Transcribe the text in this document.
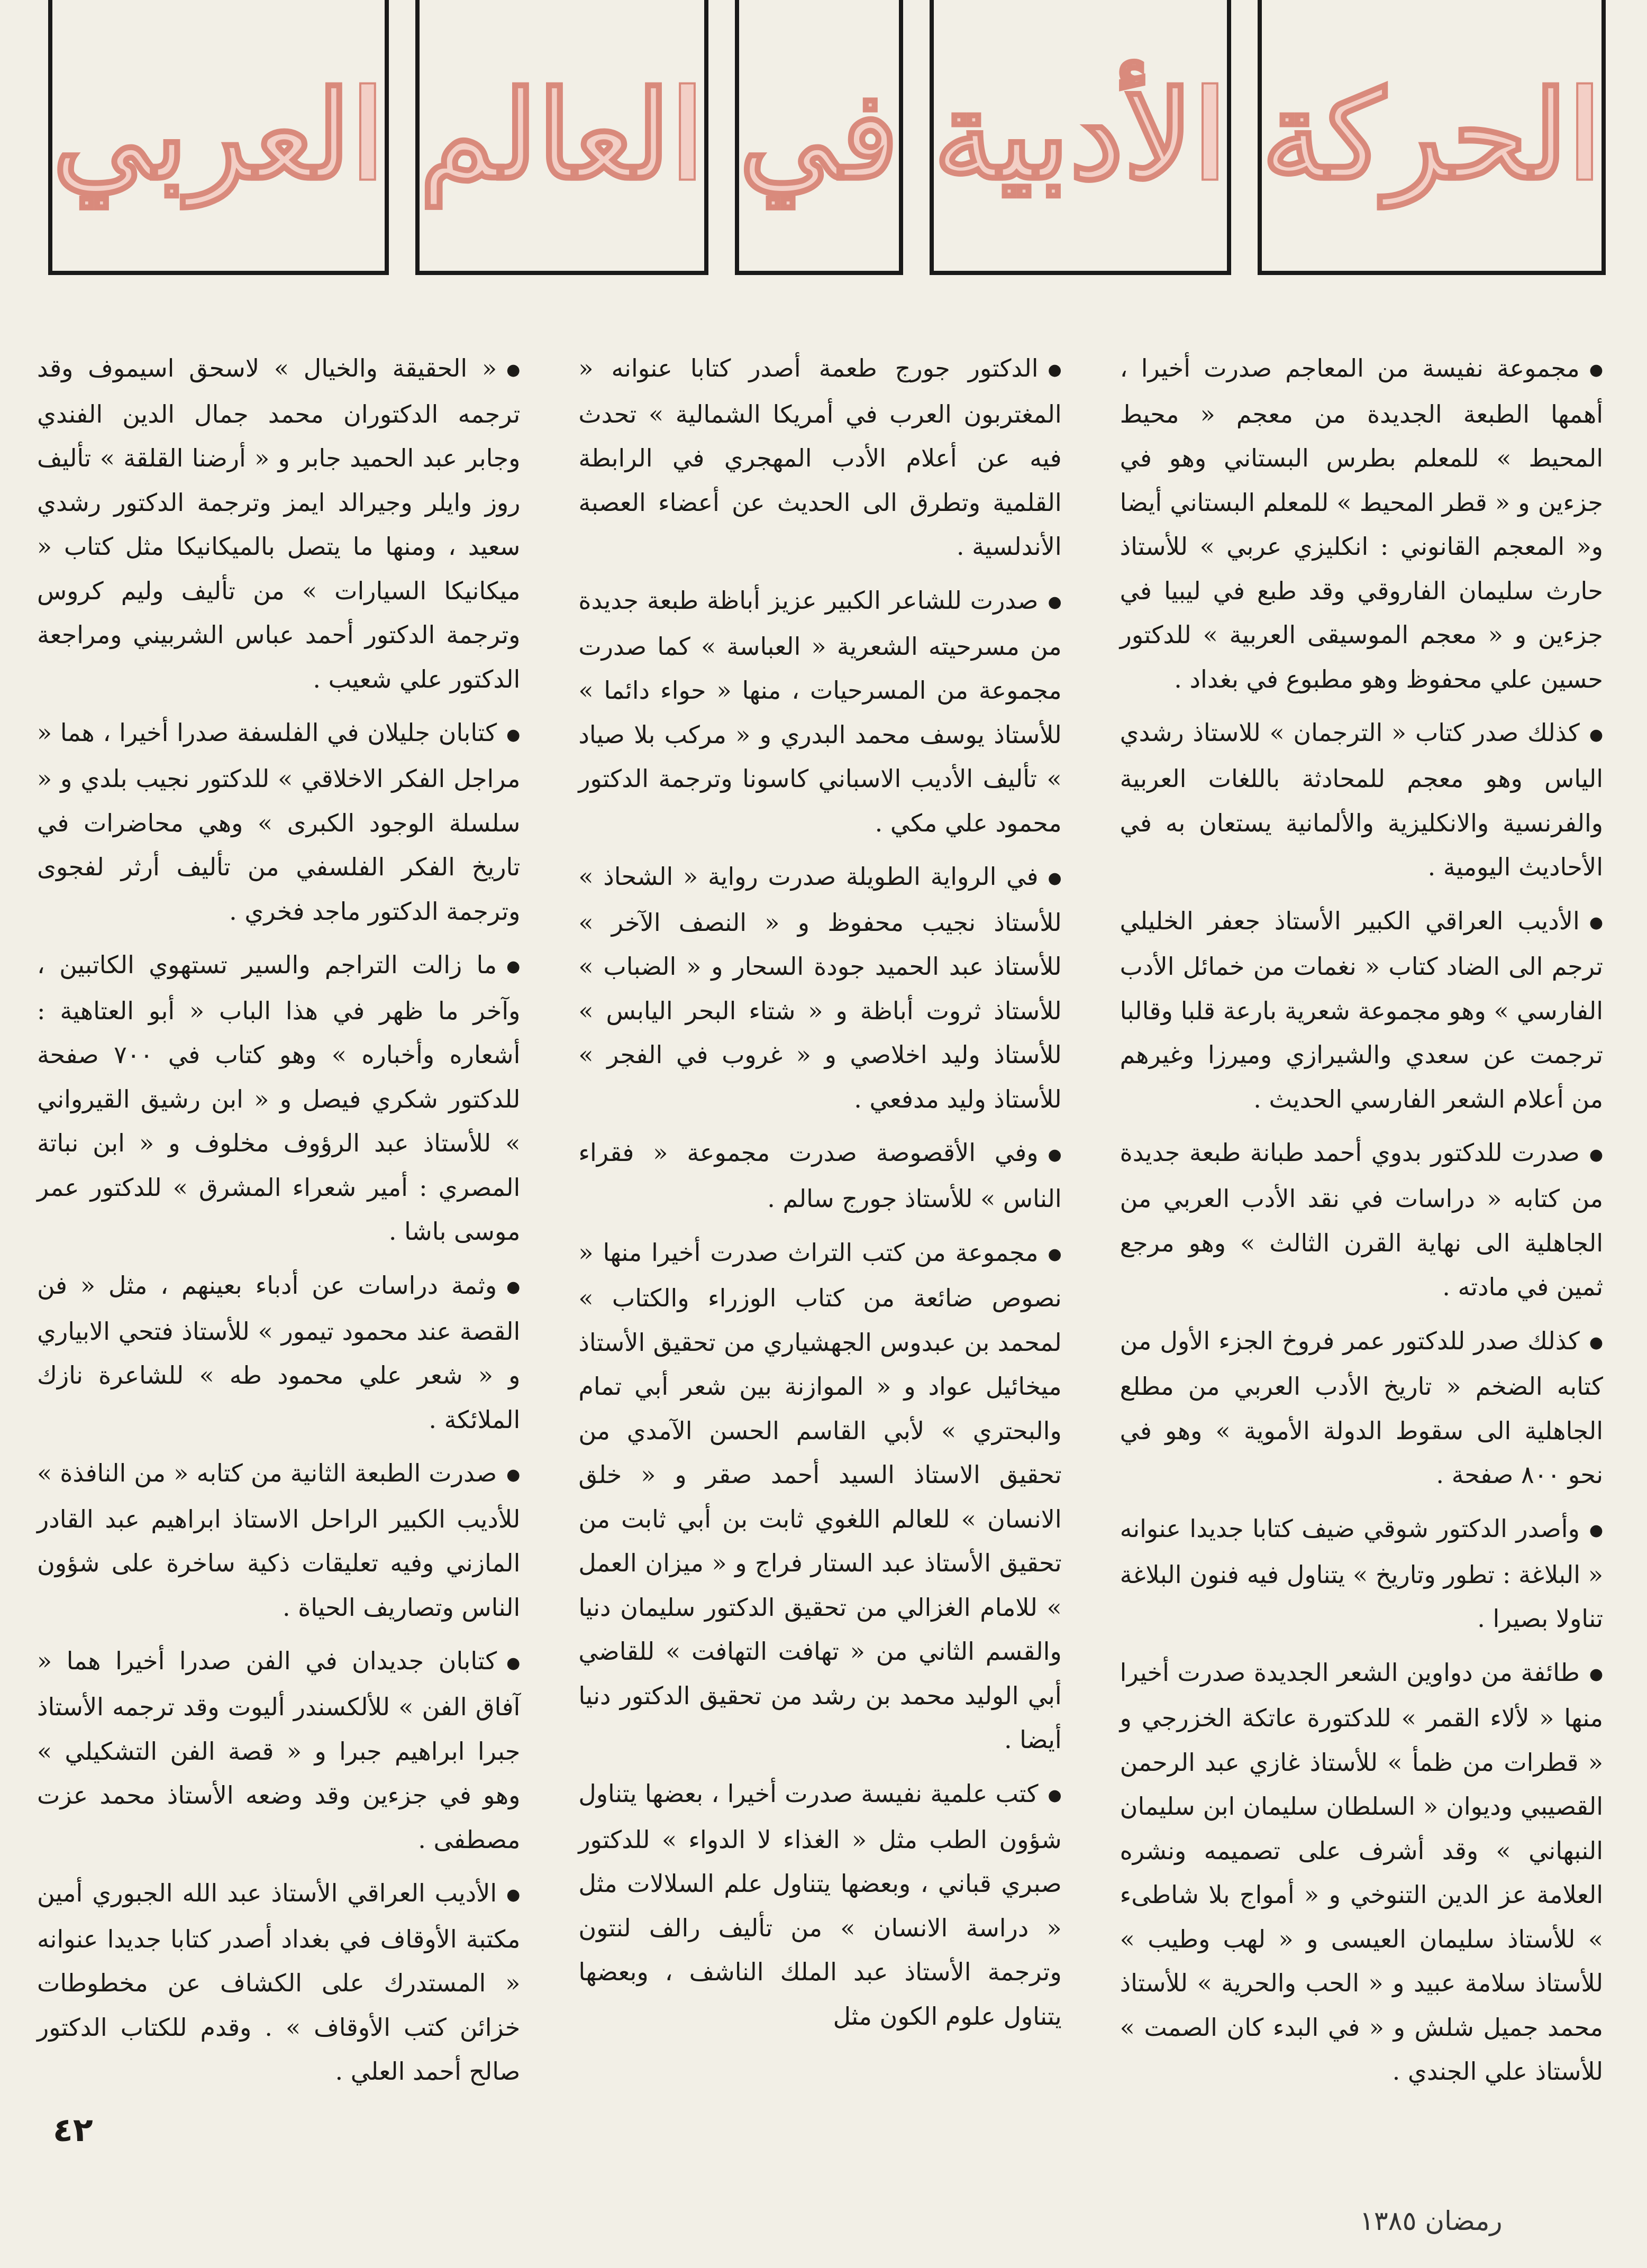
الحركة
الأدبية
في
العالم
العربي

●مجموعة نفيسة من المعاجم صدرت أخيرا ، أهمها الطبعة الجديدة من معجم « محيط المحيط » للمعلم بطرس البستاني وهو في جزءين و « قطر المحيط » للمعلم البستاني أيضا و« المعجم القانوني : انكليزي عربي » للأستاذ حارث سليمان الفاروقي وقد طبع في ليبيا في جزءين و « معجم الموسيقى العربية » للدكتور حسين علي محفوظ وهو مطبوع في بغداد .

●كذلك صدر كتاب « الترجمان » للاستاذ رشدي الياس وهو معجم للمحادثة باللغات العربية والفرنسية والانكليزية والألمانية يستعان به في الأحاديث اليومية .

●الأديب العراقي الكبير الأستاذ جعفر الخليلي ترجم الى الضاد كتاب « نغمات من خمائل الأدب الفارسي » وهو مجموعة شعرية بارعة قلبا وقالبا ترجمت عن سعدي والشيرازي وميرزا وغيرهم من أعلام الشعر الفارسي الحديث .

●صدرت للدكتور بدوي أحمد طبانة طبعة جديدة من كتابه « دراسات في نقد الأدب العربي من الجاهلية الى نهاية القرن الثالث » وهو مرجع ثمين في مادته .

●كذلك صدر للدكتور عمر فروخ الجزء الأول من كتابه الضخم « تاريخ الأدب العربي من مطلع الجاهلية الى سقوط الدولة الأموية » وهو في نحو ٨٠٠ صفحة .

●وأصدر الدكتور شوقي ضيف كتابا جديدا عنوانه « البلاغة : تطور وتاريخ » يتناول فيه فنون البلاغة تناولا بصيرا .

●طائفة من دواوين الشعر الجديدة صدرت أخيرا منها « لألاء القمر » للدكتورة عاتكة الخزرجي و « قطرات من ظمأ » للأستاذ غازي عبد الرحمن القصيبي وديوان « السلطان سليمان ابن سليمان النبهاني » وقد أشرف على تصميمه ونشره العلامة عز الدين التنوخي و « أمواج بلا شاطىء » للأستاذ سليمان العيسى و « لهب وطيب » للأستاذ سلامة عبيد و « الحب والحرية » للأستاذ محمد جميل شلش و « في البدء كان الصمت » للأستاذ علي الجندي .

●الدكتور جورج طعمة أصدر كتابا عنوانه « المغتربون العرب في أمريكا الشمالية » تحدث فيه عن أعلام الأدب المهجري في الرابطة القلمية وتطرق الى الحديث عن أعضاء العصبة الأندلسية .

●صدرت للشاعر الكبير عزيز أباظة طبعة جديدة من مسرحيته الشعرية « العباسة » كما صدرت مجموعة من المسرحيات ، منها « حواء دائما » للأستاذ يوسف محمد البدري و « مركب بلا صياد » تأليف الأديب الاسباني كاسونا وترجمة الدكتور محمود علي مكي .

●في الرواية الطويلة صدرت رواية « الشحاذ » للأستاذ نجيب محفوظ و « النصف الآخر » للأستاذ عبد الحميد جودة السحار و « الضباب » للأستاذ ثروت أباظة و « شتاء البحر اليابس » للأستاذ وليد اخلاصي و « غروب في الفجر » للأستاذ وليد مدفعي .

●وفي الأقصوصة صدرت مجموعة « فقراء الناس » للأستاذ جورج سالم .

●مجموعة من كتب التراث صدرت أخيرا منها « نصوص ضائعة من كتاب الوزراء والكتاب » لمحمد بن عبدوس الجهشياري من تحقيق الأستاذ ميخائيل عواد و « الموازنة بين شعر أبي تمام والبحتري » لأبي القاسم الحسن الآمدي من تحقيق الاستاذ السيد أحمد صقر و « خلق الانسان » للعالم اللغوي ثابت بن أبي ثابت من تحقيق الأستاذ عبد الستار فراج و « ميزان العمل » للامام الغزالي من تحقيق الدكتور سليمان دنيا والقسم الثاني من « تهافت التهافت » للقاضي أبي الوليد محمد بن رشد من تحقيق الدكتور دنيا أيضا .

●كتب علمية نفيسة صدرت أخيرا ، بعضها يتناول شؤون الطب مثل « الغذاء لا الدواء » للدكتور صبري قباني ، وبعضها يتناول علم السلالات مثل « دراسة الانسان » من تأليف رالف لنتون وترجمة الأستاذ عبد الملك الناشف ، وبعضها يتناول علوم الكون مثل

●« الحقيقة والخيال » لاسحق اسيموف وقد ترجمه الدكتوران محمد جمال الدين الفندي وجابر عبد الحميد جابر و « أرضنا القلقة » تأليف روز وايلر وجيرالد ايمز وترجمة الدكتور رشدي سعيد ، ومنها ما يتصل بالميكانيكا مثل كتاب « ميكانيكا السيارات » من تأليف وليم كروس وترجمة الدكتور أحمد عباس الشربيني ومراجعة الدكتور علي شعيب .

●كتابان جليلان في الفلسفة صدرا أخيرا ، هما « مراجل الفكر الاخلاقي » للدكتور نجيب بلدي و « سلسلة الوجود الكبرى » وهي محاضرات في تاريخ الفكر الفلسفي من تأليف أرثر لفجوى وترجمة الدكتور ماجد فخري .

●ما زالت التراجم والسير تستهوي الكاتبين ، وآخر ما ظهر في هذا الباب « أبو العتاهية : أشعاره وأخباره » وهو كتاب في ٧٠٠ صفحة للدكتور شكري فيصل و « ابن رشيق القيرواني » للأستاذ عبد الرؤوف مخلوف و « ابن نباتة المصري : أمير شعراء المشرق » للدكتور عمر موسى باشا .

●وثمة دراسات عن أدباء بعينهم ، مثل « فن القصة عند محمود تيمور » للأستاذ فتحي الابياري و « شعر علي محمود طه » للشاعرة نازك الملائكة .

●صدرت الطبعة الثانية من كتابه « من النافذة » للأديب الكبير الراحل الاستاذ ابراهيم عبد القادر المازني وفيه تعليقات ذكية ساخرة على شؤون الناس وتصاريف الحياة .

●كتابان جديدان في الفن صدرا أخيرا هما « آفاق الفن » للألكسندر أليوت وقد ترجمه الأستاذ جبرا ابراهيم جبرا و « قصة الفن التشكيلي » وهو في جزءين وقد وضعه الأستاذ محمد عزت مصطفى .

●الأديب العراقي الأستاذ عبد الله الجبوري أمين مكتبة الأوقاف في بغداد أصدر كتابا جديدا عنوانه « المستدرك على الكشاف عن مخطوطات خزائن كتب الأوقاف » . وقدم للكتاب الدكتور صالح أحمد العلي .

٤٢
رمضان ١٣٨٥
